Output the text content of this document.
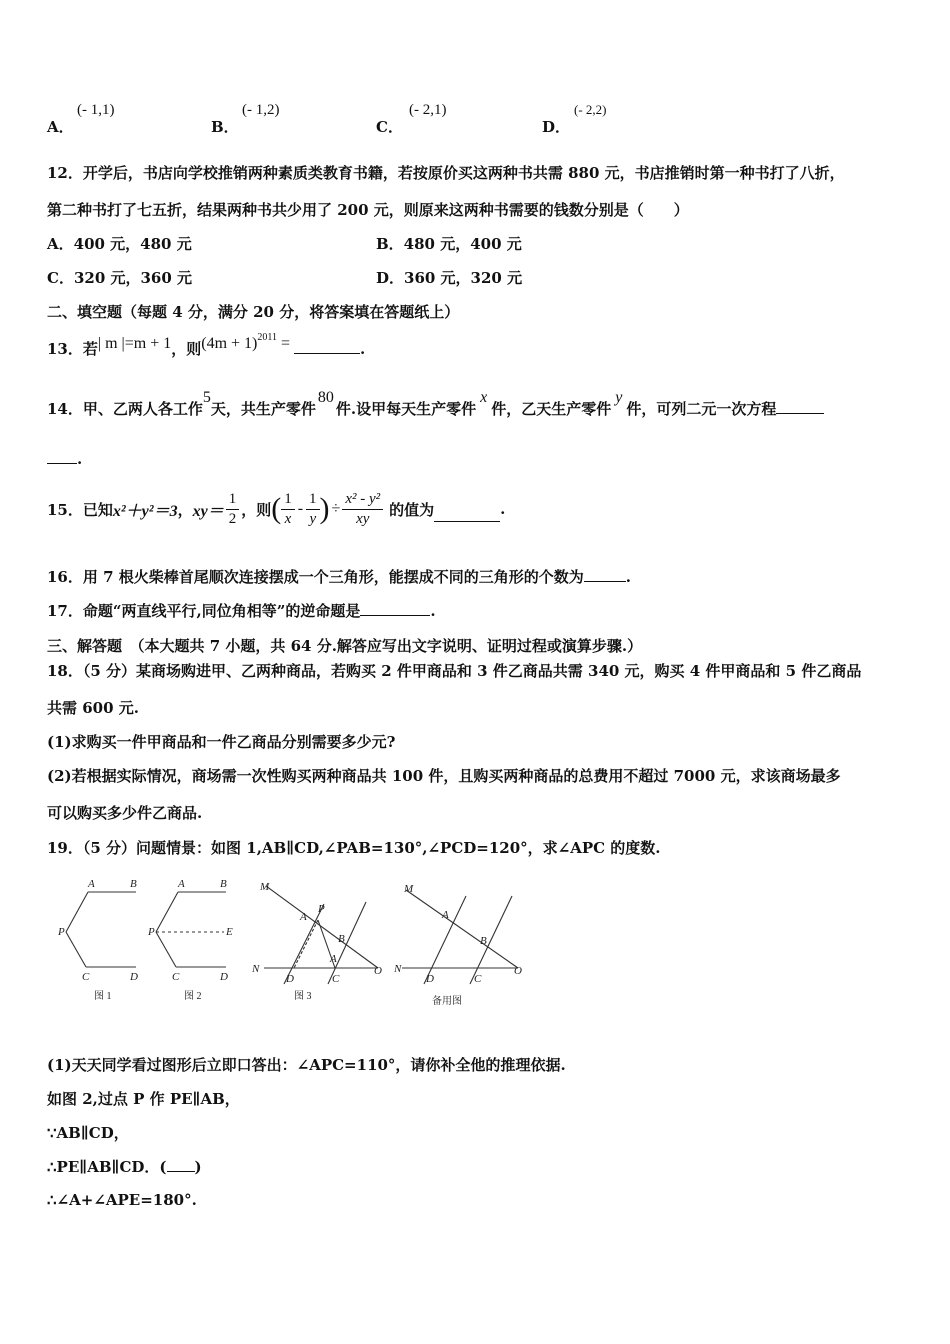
A．
(- 1,1)
B．
(- 1,2)
C．
(- 2,1)
D．
(- 2,2)
12．开学后，书店向学校推销两种素质类教育书籍，若按原价买这两种书共需 880 元，书店推销时第一种书打了八折，
第二种书打了七五折，结果两种书共少用了 200 元，则原来这两种书需要的钱数分别是（　　）
A．400 元，480 元	B．480 元，400 元
C．320 元，360 元	D．360 元，320 元
二、填空题（每题 4 分，满分 20 分，将答案填在答题纸上）
13．若| m |=m + 1，则$(4m + 1)^{2011}$ =	.
14．甲、乙两人各工作5天，共生产零件80件.设甲每天生产零件x件，乙天生产零件y件，可列二元一次方程
.
15．已知 x²＋y²＝3 ， $xy= \frac{1}{2}$ ，则 ( $\frac{1}{x} - \frac{1}{y}$ ) ÷ $\frac{\text{x² - y²}}{xy}$ 的值为	.
16．用 7 根火柴棒首尾顺次连接摆成一个三角形，能摆成不同的三角形的个数为	.
17．命题“两直线平行,同位角相等”的逆命题是	.
三、解答题　（本大题共 7 小题，共 64 分.解答应写出文字说明、证明过程或演算步骤.）
18．（5 分）某商场购进甲、乙两种商品，若购买 2 件甲商品和 3 件乙商品共需 340 元，购买 4 件甲商品和 5 件乙商品
共需 600 元.
(1)求购买一件甲商品和一件乙商品分别需要多少元?
(2)若根据实际情况，商场需一次性购买两种商品共 100 件，且购买两种商品的总费用不超过 7000 元，求该商场最多
可以购买多少件乙商品.
19．（5 分）问题情景：如图 1,AB∥CD,∠PAB=130°,∠PCD=120°，求∠APC 的度数.
A	B
P
C	D
图 1
A	B
P	E
C	D
图 2
M
A
P
B
A
N
D	C
O
图 3
M
A
B
N
D	C
O
备用图
(1)天天同学看过图形后立即口答出：∠APC=110°，请你补全他的推理依据.
如图 2,过点 P 作 PE∥AB，
∵AB∥CD，
∴PE∥AB∥CD．( )
∴∠A+∠APE=180°.
